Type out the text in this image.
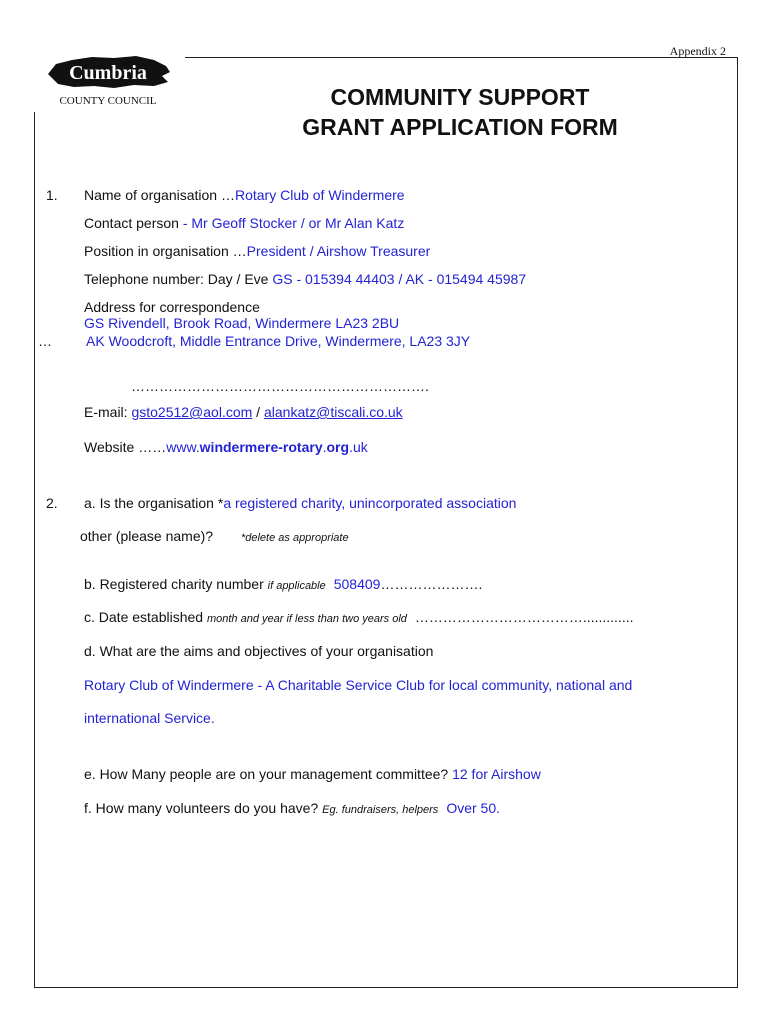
Appendix 2
Cumbria
COUNTY COUNCIL	COMMUNITY SUPPORT
GRANT APPLICATION FORM
1. Name of organisation …Rotary Club of Windermere
Contact person - Mr Geoff Stocker / or Mr Alan Katz
Position in organisation …President / Airshow Treasurer
Telephone number: Day / Eve GS - 015394 44403 / AK - 015494 45987
Address for correspondence
GS Rivendell, Brook Road, Windermere LA23 2BU
… AK Woodcroft, Middle Entrance Drive, Windermere, LA23 3JY
……………………………………………………….
E-mail: gsto2512@aol.com / alankatz@tiscali.co.uk
Website ……www.windermere-rotary.org.uk
2. a. Is the organisation *a registered charity, unincorporated association
other (please name)?	*delete as appropriate
b. Registered charity number if applicable 508409………………….
c. Date established month and year if less than two years old ……………………………….............
d. What are the aims and objectives of your organisation
Rotary Club of Windermere - A Charitable Service Club for local community, national and
international Service.
e. How Many people are on your management committee? 12 for Airshow
f. How many volunteers do you have? Eg. fundraisers, helpers Over 50.
